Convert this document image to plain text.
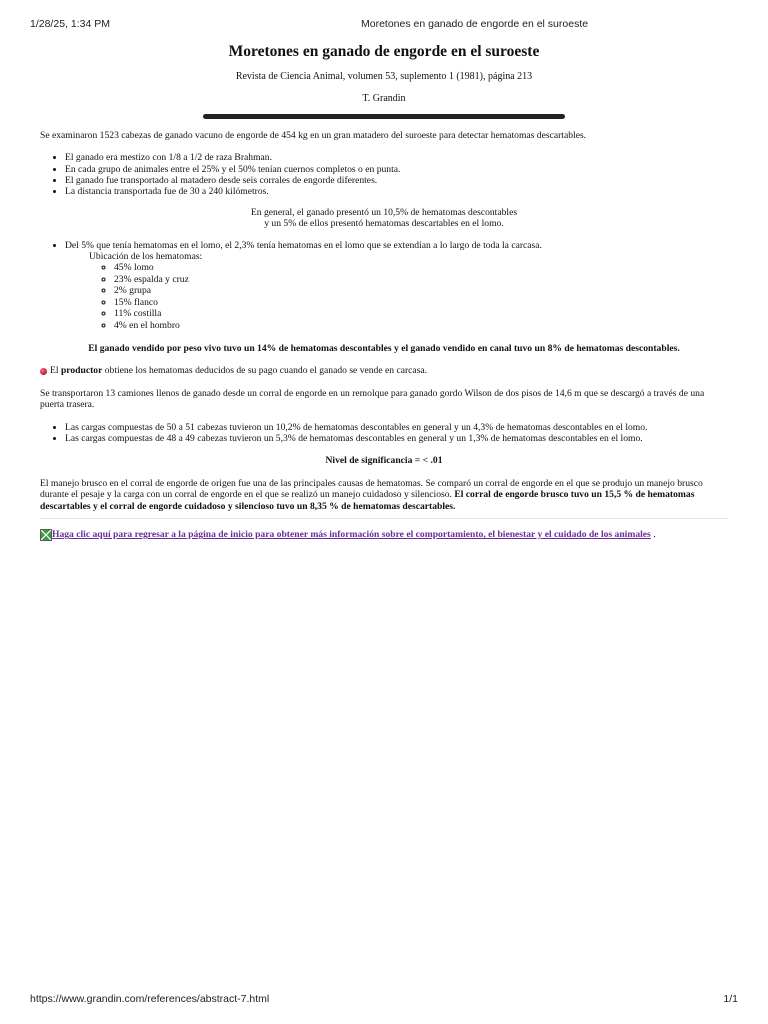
1/28/25, 1:34 PM	Moretones en ganado de engorde en el suroeste
Moretones en ganado de engorde en el suroeste
Revista de Ciencia Animal, volumen 53, suplemento 1 (1981), página 213
T. Grandin

Se examinaron 1523 cabezas de ganado vacuno de engorde de 454 kg en un gran matadero del suroeste para detectar hematomas descartables.

• El ganado era mestizo con 1/8 a 1/2 de raza Brahman.
• En cada grupo de animales entre el 25% y el 50% tenían cuernos completos o en punta.
• El ganado fue transportado al matadero desde seis corrales de engorde diferentes.
• La distancia transportada fue de 30 a 240 kilómetros.
En general, el ganado presentó un 10,5% de hematomas descontables
y un 5% de ellos presentó hematomas descartables en el lomo.
• Del 5% que tenía hematomas en el lomo, el 2,3% tenía hematomas en el lomo que se extendían a lo largo de toda la carcasa.
Ubicación de los hematomas:
◦ 45% lomo
◦ 23% espalda y cruz
◦ 2% grupa
◦ 15% flanco
◦ 11% costilla
◦ 4% en el hombro

El ganado vendido por peso vivo tuvo un 14% de hematomas descontables y el ganado vendido en canal tuvo un 8% de hematomas descontables.

El productor obtiene los hematomas deducidos de su pago cuando el ganado se vende en carcasa.

Se transportaron 13 camiones llenos de ganado desde un corral de engorde en un remolque para ganado gordo Wilson de dos pisos de 14,6 m que se descargó a través de una puerta trasera.

• Las cargas compuestas de 50 a 51 cabezas tuvieron un 10,2% de hematomas descontables en general y un 4,3% de hematomas descontables en el lomo.
• Las cargas compuestas de 48 a 49 cabezas tuvieron un 5,3% de hematomas descontables en general y un 1,3% de hematomas descontables en el lomo.

Nivel de significancia = < .01

El manejo brusco en el corral de engorde de origen fue una de las principales causas de hematomas. Se comparó un corral de engorde en el que se produjo un manejo brusco durante el pesaje y la carga con un corral de engorde en el que se realizó un manejo cuidadoso y silencioso. El corral de engorde brusco tuvo un 15,5 % de hematomas descartables y el corral de engorde cuidadoso y silencioso tuvo un 8,35 % de hematomas descartables.

Haga clic aquí para regresar a la página de inicio para obtener más información sobre el comportamiento, el bienestar y el cuidado de los animales .
https://www.grandin.com/references/abstract-7.html	1/1
